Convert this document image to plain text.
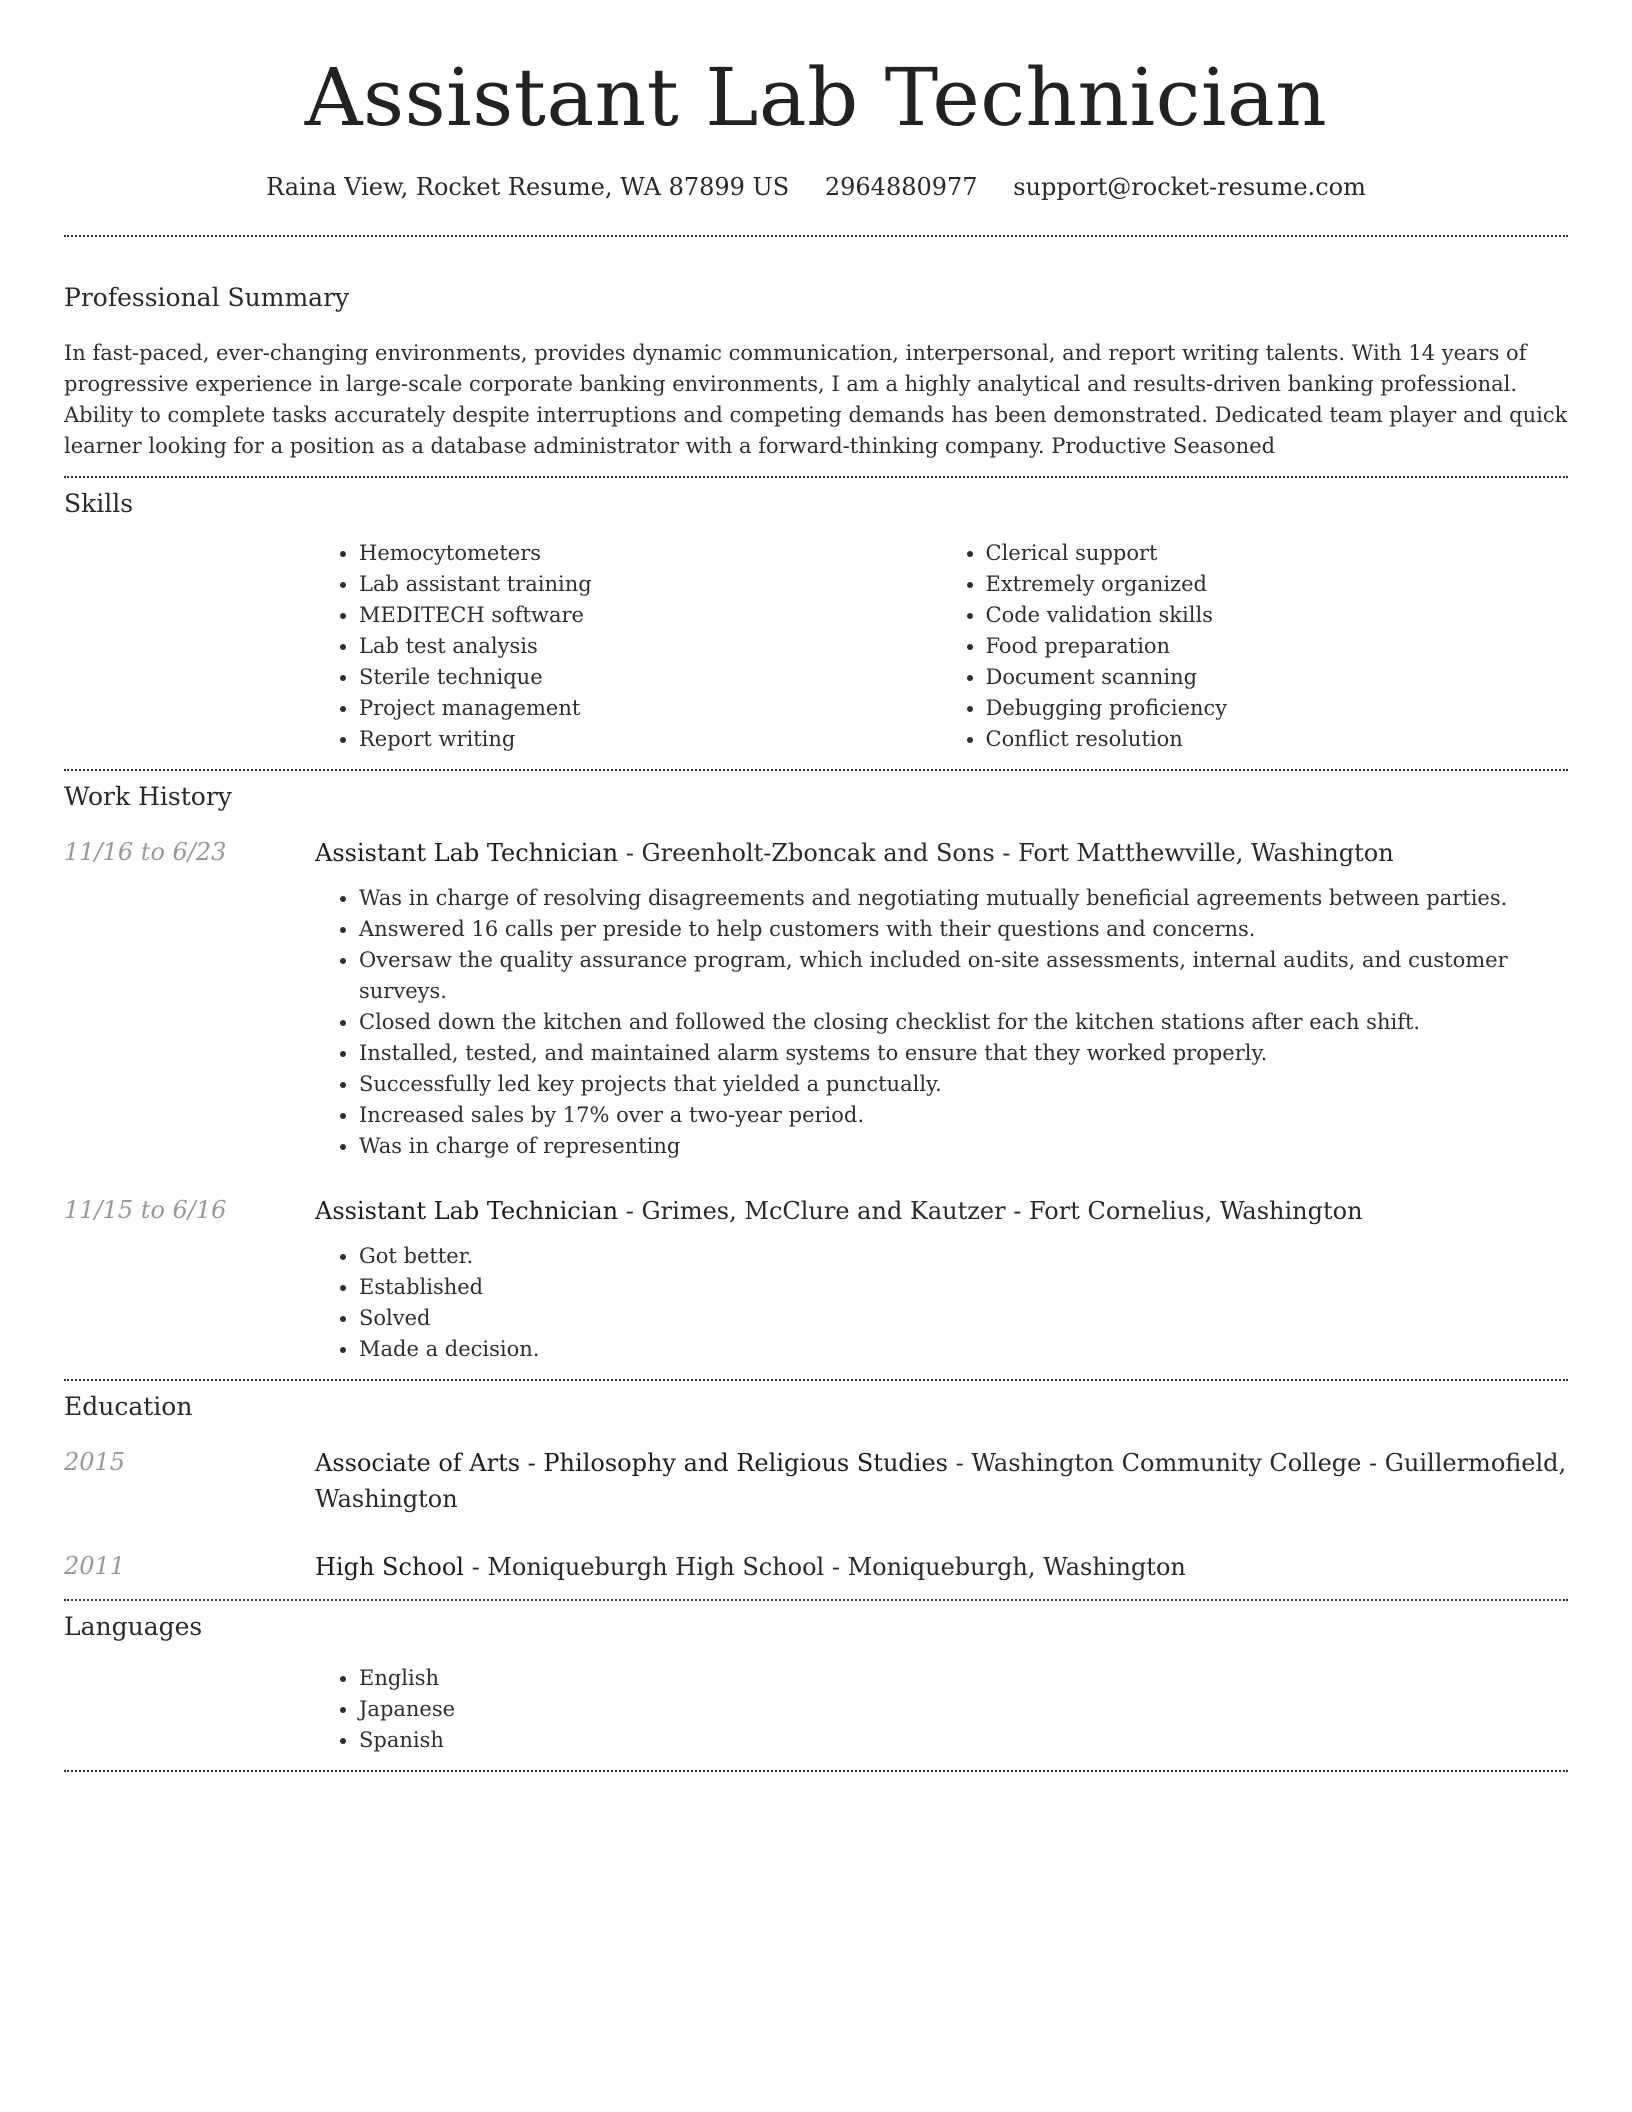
Assistant Lab Technician
Raina View, Rocket Resume, WA 87899 US 2964880977 support@rocket-resume.com
Professional Summary

In fast-paced, ever-changing environments, provides dynamic communication, interpersonal, and report writing talents. With 14 years of progressive experience in large-scale corporate banking environments, I am a highly analytical and results-driven banking professional. Ability to complete tasks accurately despite interruptions and competing demands has been demonstrated. Dedicated team player and quick learner looking for a position as a database administrator with a forward-thinking company. Productive Seasoned

Skills
• Hemocytometers
• Lab assistant training
• MEDITECH software
• Lab test analysis
• Sterile technique
• Project management
• Report writing
• Clerical support
• Extremely organized
• Code validation skills
• Food preparation
• Document scanning
• Debugging proficiency
• Conflict resolution
Work History
11/16 to 6/23	Assistant Lab Technician - Greenholt-Zboncak and Sons - Fort Matthewville, Washington
• Was in charge of resolving disagreements and negotiating mutually beneficial agreements between parties.
• Answered 16 calls per preside to help customers with their questions and concerns.
• Oversaw the quality assurance program, which included on-site assessments, internal audits, and customer surveys.
• Closed down the kitchen and followed the closing checklist for the kitchen stations after each shift.
• Installed, tested, and maintained alarm systems to ensure that they worked properly.
• Successfully led key projects that yielded a punctually.
• Increased sales by 17% over a two-year period.
• Was in charge of representing
11/15 to 6/16	Assistant Lab Technician - Grimes, McClure and Kautzer - Fort Cornelius, Washington
• Got better.
• Established
• Solved
• Made a decision.
Education
2015	Associate of Arts - Philosophy and Religious Studies - Washington Community College - Guillermofield, Washington
2011	High School - Moniqueburgh High School - Moniqueburgh, Washington
Languages
• English
• Japanese
• Spanish
